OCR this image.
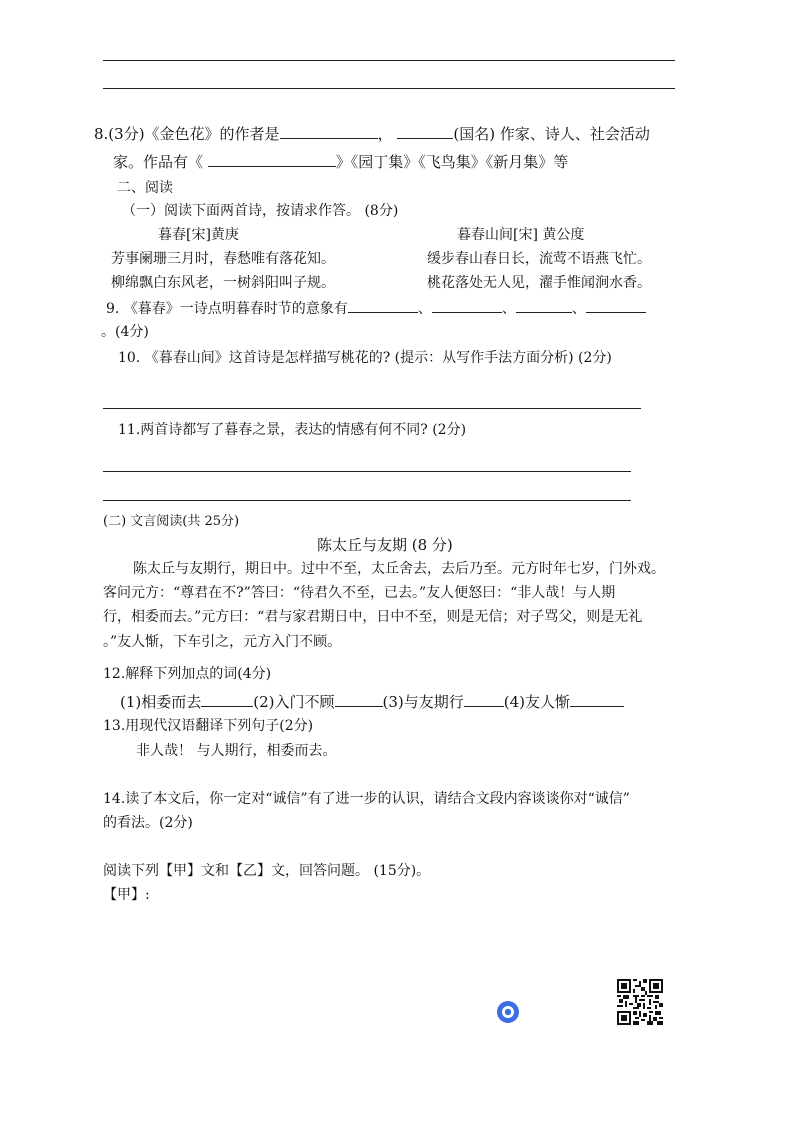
8.(3分)《金色花》的作者是	，	(国名) 作家、诗人、社会活动
家。作品有《	》《园丁集》《飞鸟集》《新月集》等
二、阅读
（一）阅读下面两首诗，按请求作答。 (8分)
暮春[宋]黄庚	暮春山间[宋] 黄公度
芳事阑珊三月时，春愁唯有落花知。	缓步春山春日长，流莺不语燕飞忙。
柳绵飘白东风老，一树斜阳叫子规。	桃花落处无人见，濯手惟闻涧水香。
9. 《暮春》一诗点明暮春时节的意象有	、	、	、
。(4分)
10. 《暮春山间》这首诗是怎样描写桃花的? (提示：从写作手法方面分析) (2分)
11.两首诗都写了暮春之景，表达的情感有何不同? (2分)
(二) 文言阅读(共 25分)
陈太丘与友期 (8 分)
陈太丘与友期行，期日中。过中不至，太丘舍去，去后乃至。元方时年七岁，门外戏。
客问元方：“尊君在不?”答曰：“待君久不至，已去。”友人便怒曰：“非人哉！与人期
行，相委而去。”元方曰：“君与家君期日中，日中不至，则是无信；对子骂父，则是无礼
。”友人惭，下车引之，元方入门不顾。
12.解释下列加点的词(4分)
(1)相委而去	(2)入门不顾	(3)与友期行	(4)友人惭
13.用现代汉语翻译下列句子(2分)
非人哉！ 与人期行，相委而去。
14.读了本文后，你一定对“诚信”有了进一步的认识，请结合文段内容谈谈你对“诚信”
的看法。(2分)
阅读下列【甲】文和【乙】文，回答问题。 (15分)。
【甲】:
